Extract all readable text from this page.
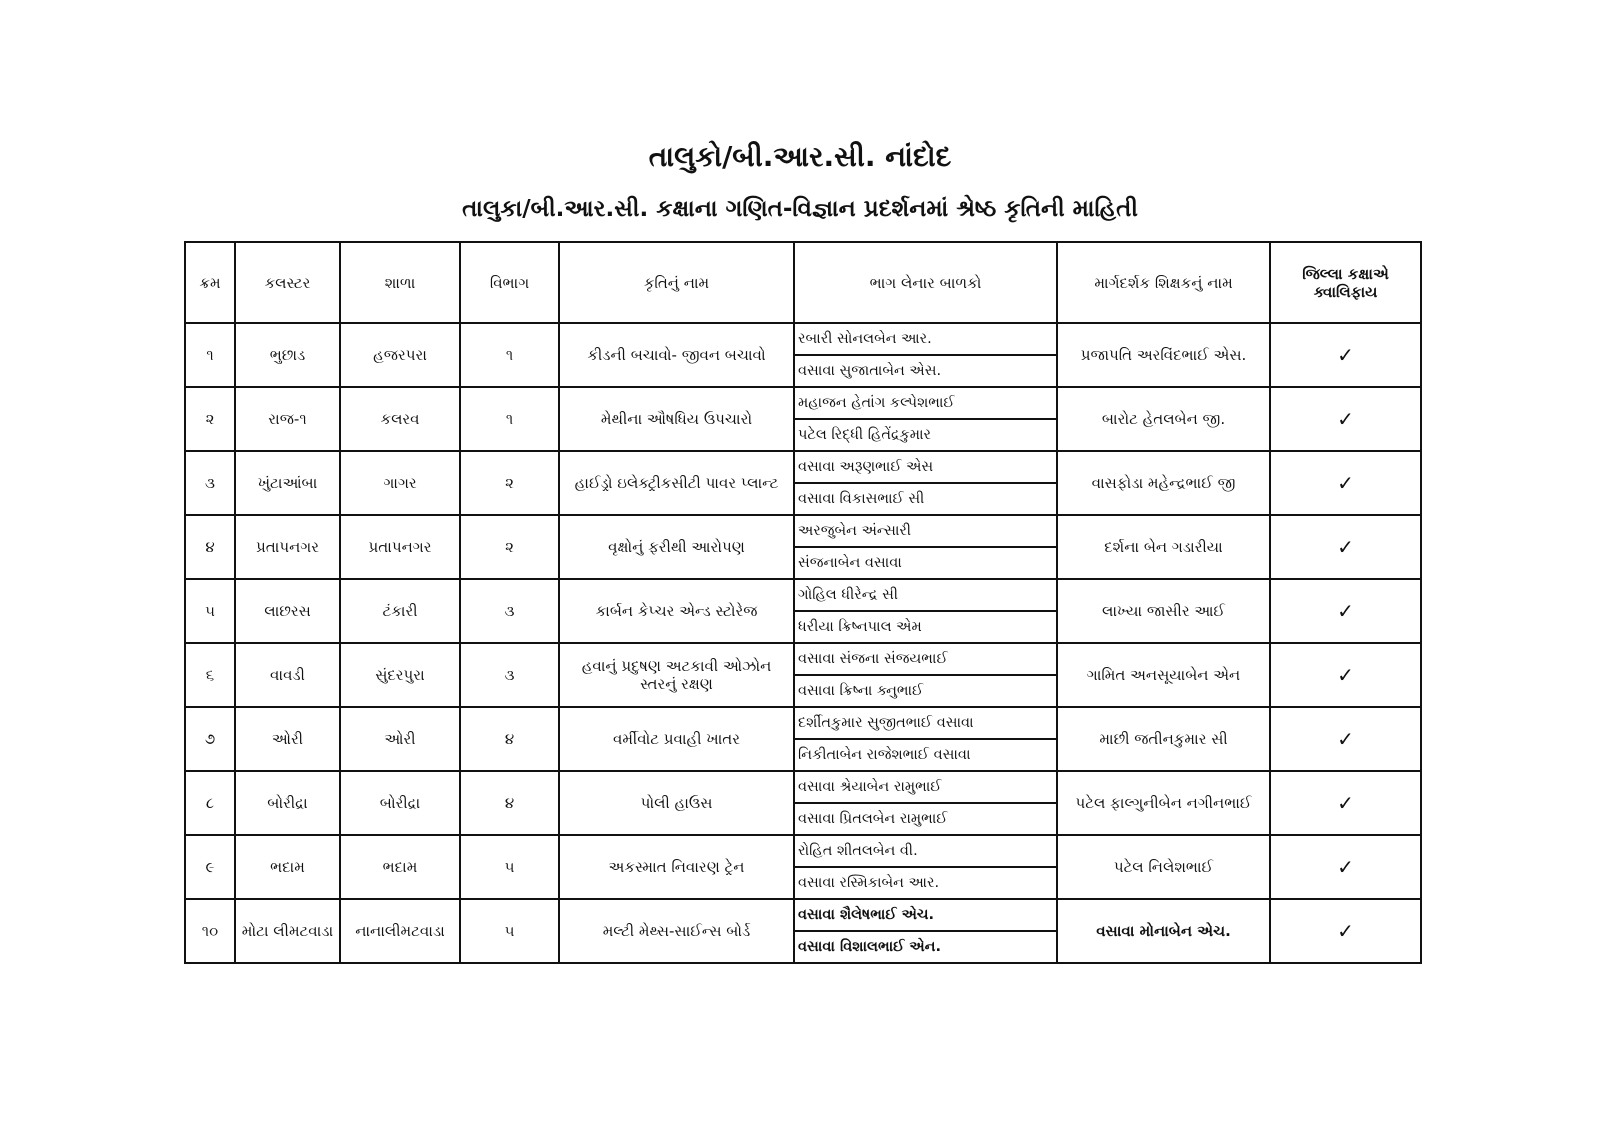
તાલુકો/બી.આર.સી. નાંદોદ
તાલુકા/બી.આર.સી. કક્ષાના ગણિત-વિજ્ઞાન પ્રદર્શનમાં શ્રેષ્ઠ કૃતિની માહિતી
ક્રમ	કલસ્ટર	શાળા	વિભાગ	કૃતિનું નામ	ભાગ લેનાર બાળકો	માર્ગદર્શક શિક્ષકનું નામ	જિલ્લા કક્ષાએ ક્વાલિફાય
૧	ભુછાડ	હજરપરા	૧	કીડની બચાવો- જીવન બચાવો	રબારી સોનલબેન આર.	પ્રજાપતિ અરવિંદભાઈ એસ.	✓
					વસાવા સુજાતાબેન એસ.		
૨	રાજ-૧	કલરવ	૧	મેથીના ઔષધિય ઉપચારો	મહાજન હેતાંગ કલ્પેશભાઈ	બારોટ હેતલબેન જી.	✓
					પટેલ રિદ્ધી હિતેંદ્રકુમાર		
૩	ખુંટાઆંબા	ગાગર	૨	હાઈડ્રો ઇલેક્ટ્રીકસીટી પાવર પ્લાન્ટ	વસાવા અરૂણભાઈ એસ	વાસફોડા મહેન્દ્રભાઈ જી	✓
					વસાવા વિકાસભાઈ સી		
૪	પ્રતાપનગર	પ્રતાપનગર	૨	વૃક્ષોનું ફરીથી આરોપણ	અરજુબેન અંન્સારી	દર્શના બેન ગડારીયા	✓
					સંજનાબેન વસાવા		
૫	લાછરસ	ટંકારી	૩	કાર્બન કેપ્ચર એન્ડ સ્ટોરેજ	ગોહિલ ધીરેન્દ્ર સી	લાખ્યા જાસીર આઈ	✓
					ધરીયા ક્રિષ્નપાલ એમ		
૬	વાવડી	સુંદરપુરા	૩	હવાનું પ્રદુષણ અટકાવી ઓઝોન સ્તરનું રક્ષણ	વસાવા સંજના સંજયભાઈ	ગામિત અનસૂયાબેન એન	✓
					વસાવા ક્રિષ્ના ક્નુભાઈ		
૭	ઓરી	ઓરી	૪	વર્મીવોટ પ્રવાહી ખાતર	દર્શીતકુમાર સુજીતભાઈ વસાવા	માછી જતીનકુમાર સી	✓
					નિકીતાબેન રાજેશભાઈ વસાવા		
૮	બોરીદ્રા	બોરીદ્રા	૪	પોલી હાઉસ	વસાવા શ્રેયાબેન રામુભાઈ	પટેલ ફાલ્ગુનીબેન નગીનભાઈ	✓
					વસાવા પ્રિતલબેન રામુભાઈ		
૯	ભદામ	ભદામ	૫	અકસ્માત નિવારણ ટ્રેન	રોહિત શીતલબેન વી.	પટેલ નિલેશભાઈ	✓
					વસાવા રસ્મિકાબેન આર.		
૧૦	મોટા લીમટવાડા	નાનાલીમટવાડા	૫	મલ્ટી મેથ્સ-સાઈન્સ બોર્ડ	વસાવા શૈલેષભાઈ એચ.	વસાવા મોનાબેન એચ.	✓
					વસાવા વિશાલભાઈ એન.		
